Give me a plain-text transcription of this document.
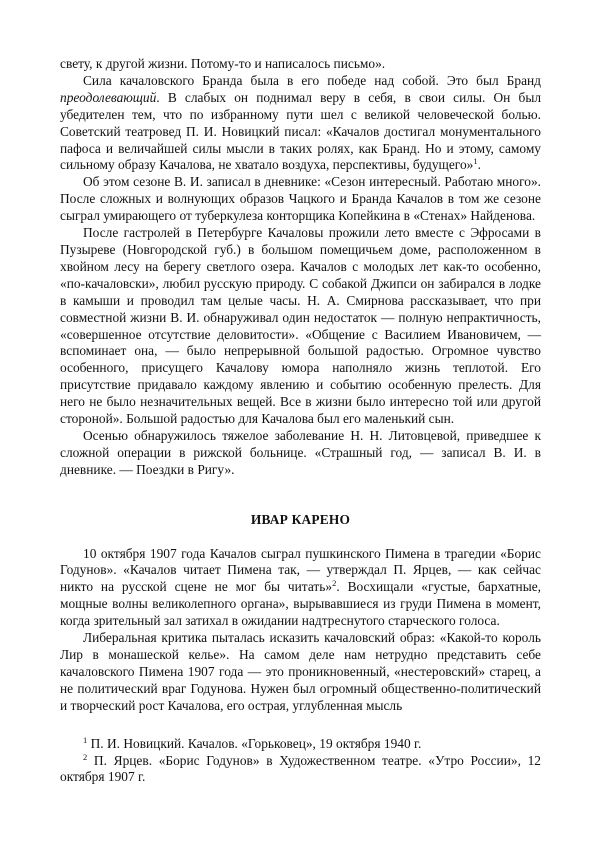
свету, к другой жизни. Потому-то и написалось письмо».

Сила качаловского Бранда была в его победе над собой. Это был Бранд преодолевающий. В слабых он поднимал веру в себя, в свои силы. Он был убедителен тем, что по избранному пути шел с великой человеческой болью. Советский театровед П. И. Новицкий писал: «Качалов достигал монументального пафоса и величайшей силы мысли в таких ролях, как Бранд. Но и этому, самому сильному образу Качалова, не хватало воздуха, перспективы, будущего»$^1$.

Об этом сезоне В. И. записал в дневнике: «Сезон интересный. Работаю много». После сложных и волнующих образов Чацкого и Бранда Качалов в том же сезоне сыграл умирающего от туберкулеза конторщика Копейкина в «Стенах» Найденова.

После гастролей в Петербурге Качаловы прожили лето вместе с Эфросами в Пузыреве (Новгородской губ.) в большом помещичьем доме, расположенном в хвойном лесу на берегу светлого озера. Качалов с молодых лет как-то особенно, «по-качаловски», любил русскую природу. С собакой Джипси он забирался в лодке в камыши и проводил там целые часы. Н. А. Смирнова рассказывает, что при совместной жизни В. И. обнаруживал один недостаток — полную непрактичность, «совершенное отсутствие деловитости». «Общение с Василием Ивановичем, — вспоминает она, — было непрерывной большой радостью. Огромное чувство особенного, присущего Качалову юмора наполняло жизнь теплотой. Его присутствие придавало каждому явлению и событию особенную прелесть. Для него не было незначительных вещей. Все в жизни было интересно той или другой стороной». Большой радостью для Качалова был его маленький сын.

Осенью обнаружилось тяжелое заболевание Н. Н. Литовцевой, приведшее к сложной операции в рижской больнице. «Страшный год, — записал В. И. в дневнике. — Поездки в Ригу».

ИВАР КАРЕНО

10 октября 1907 года Качалов сыграл пушкинского Пимена в трагедии «Борис Годунов». «Качалов читает Пимена так, — утверждал П. Ярцев, — как сейчас никто на русской сцене не мог бы читать»$^2$. Восхищали «густые, бархатные, мощные волны великолепного органа», вырывавшиеся из груди Пимена в момент, когда зрительный зал затихал в ожидании надтреснутого старческого голоса.

Либеральная критика пыталась исказить качаловский образ: «Какой-то король Лир в монашеской келье». На самом деле нам нетрудно представить себе качаловского Пимена 1907 года — это проникновенный, «нестеровский» старец, а не политический враг Годунова. Нужен был огромный общественно-политический и творческий рост Качалова, его острая, углубленная мысль

$^1$ П. И. Новицкий. Качалов. «Горьковец», 19 октября 1940 г.

$^2$ П. Ярцев. «Борис Годунов» в Художественном театре. «Утро России», 12 октября 1907 г.
